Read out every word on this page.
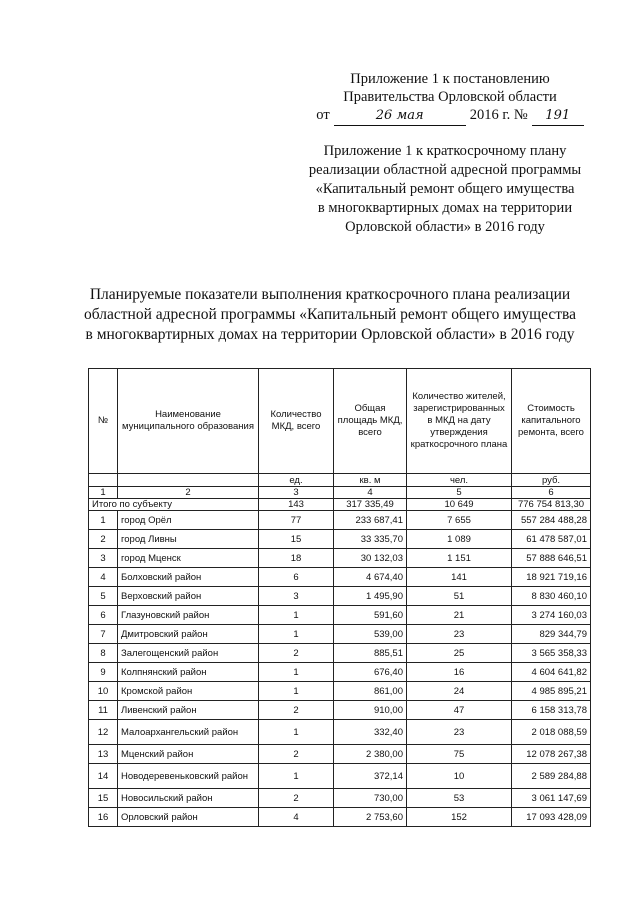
Приложение 1 к постановлению
Правительства Орловской области
от	26 мая	2016 г. №	191
Приложение 1 к краткосрочному плану
реализации областной адресной программы
«Капитальный ремонт общего имущества
в многоквартирных домах на территории
Орловской области» в 2016 году
Планируемые показатели выполнения краткосрочного плана реализации
областной адресной программы «Капитальный ремонт общего имущества
в многоквартирных домах на территории Орловской области» в 2016 году
№	Наименование муниципального образования	Количество МКД, всего	Общая площадь МКД, всего	Количество жителей, зарегистрированных в МКД на дату утверждения краткосрочного плана	Стоимость капитального ремонта, всего
		ед.	кв. м	чел.	руб.
1	2	3	4	5	6
Итого по субъекту		143	317 335,49	10 649	776 754 813,30
1	город Орёл	77	233 687,41	7 655	557 284 488,28
2	город Ливны	15	33 335,70	1 089	61 478 587,01
3	город Мценск	18	30 132,03	1 151	57 888 646,51
4	Болховский район	6	4 674,40	141	18 921 719,16
5	Верховский район	3	1 495,90	51	8 830 460,10
6	Глазуновский район	1	591,60	21	3 274 160,03
7	Дмитровский район	1	539,00	23	829 344,79
8	Залегощенский район	2	885,51	25	3 565 358,33
9	Колпнянский район	1	676,40	16	4 604 641,82
10	Кромской район	1	861,00	24	4 985 895,21
11	Ливенский район	2	910,00	47	6 158 313,78
12	Малоархангельский район	1	332,40	23	2 018 088,59
13	Мценский район	2	2 380,00	75	12 078 267,38
14	Новодеревеньковский район	1	372,14	10	2 589 284,88
15	Новосильский район	2	730,00	53	3 061 147,69
16	Орловский район	4	2 753,60	152	17 093 428,09
